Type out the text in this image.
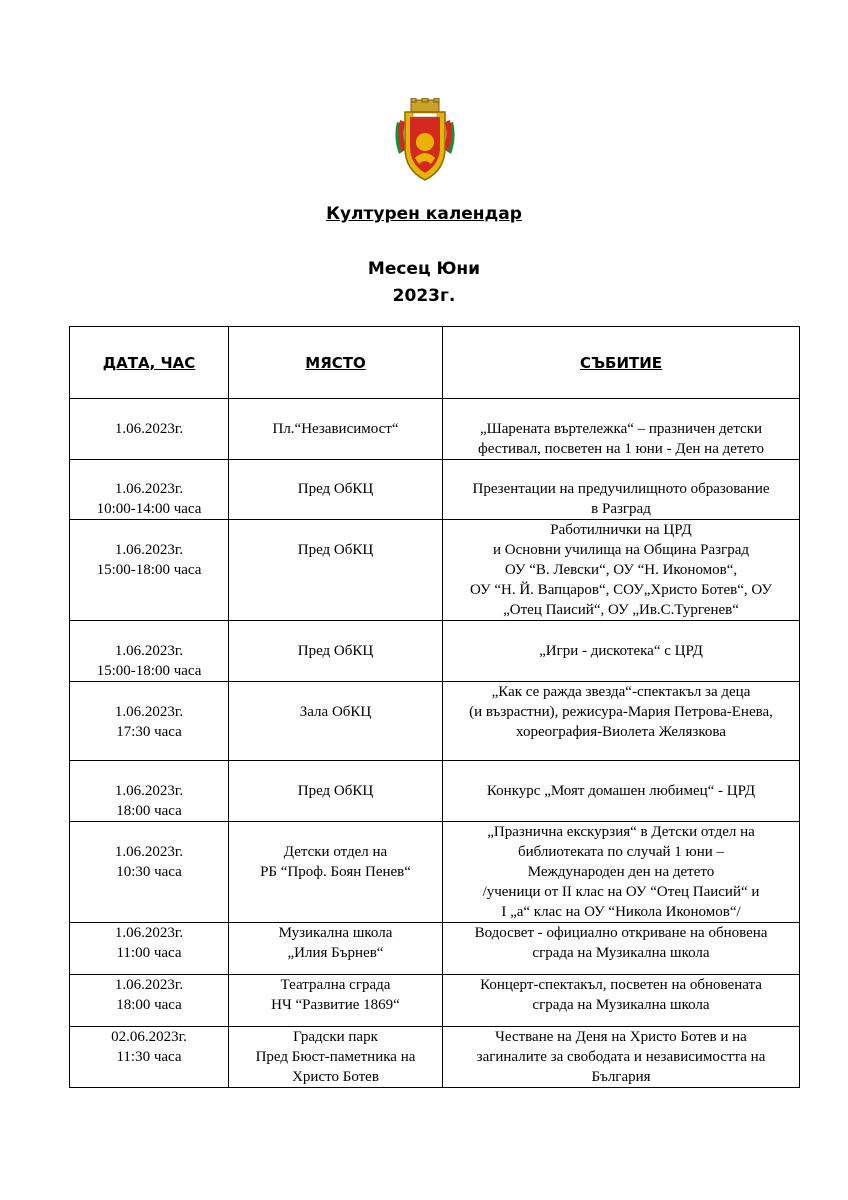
Културен календар
Месец Юни
2023г.
ДАТА, ЧАС	МЯСТО	СЪБИТИЕ
1.06.2023г.	Пл.“Независимост“	„Шарената въртележка“ – празничен детски
фестивал, посветен на 1 юни - Ден на детето
1.06.2023г.
10:00-14:00 часа	Пред ОбКЦ	Презентации на предучилищното образование
в Разград
1.06.2023г.
15:00-18:00 часа	Пред ОбКЦ	Работилнички на ЦРД
и Основни училища на Община Разград
ОУ “В. Левски“, ОУ “Н. Икономов“,
ОУ “Н. Й. Вапцаров“, СОУ„Христо Ботев“, ОУ
„Отец Паисий“, ОУ „Ив.С.Тургенев“
1.06.2023г.
15:00-18:00 часа	Пред ОбКЦ	„Игри - дискотека“ с ЦРД
1.06.2023г.
17:30 часа	Зала ОбКЦ	„Как се ражда звезда“-спектакъл за деца
(и възрастни), режисура-Мария Петрова-Енева,
хореография-Виолета Желязкова
1.06.2023г.
18:00 часа	Пред ОбКЦ	Конкурс „Моят домашен любимец“ - ЦРД
1.06.2023г.
10:30 часа	Детски отдел на
РБ “Проф. Боян Пенев“	„Празнична екскурзия“ в Детски отдел на
библиотеката по случай 1 юни –
Международен ден на детето
/ученици от II клас на ОУ “Отец Паисий“ и
I „а“ клас на ОУ “Никола Икономов“/
1.06.2023г.
11:00 часа	Музикална школа
„Илия Бърнев“	Водосвет - официално откриване на обновена
сграда на Музикална школа
1.06.2023г.
18:00 часа	Театрална сграда
НЧ “Развитие 1869“	Концерт-спектакъл, посветен на обновената
сграда на Музикална школа
02.06.2023г.
11:30 часа	Градски парк
Пред Бюст-паметника на
Христо Ботев	Честване на Деня на Христо Ботев и на
загиналите за свободата и независимостта на
България
